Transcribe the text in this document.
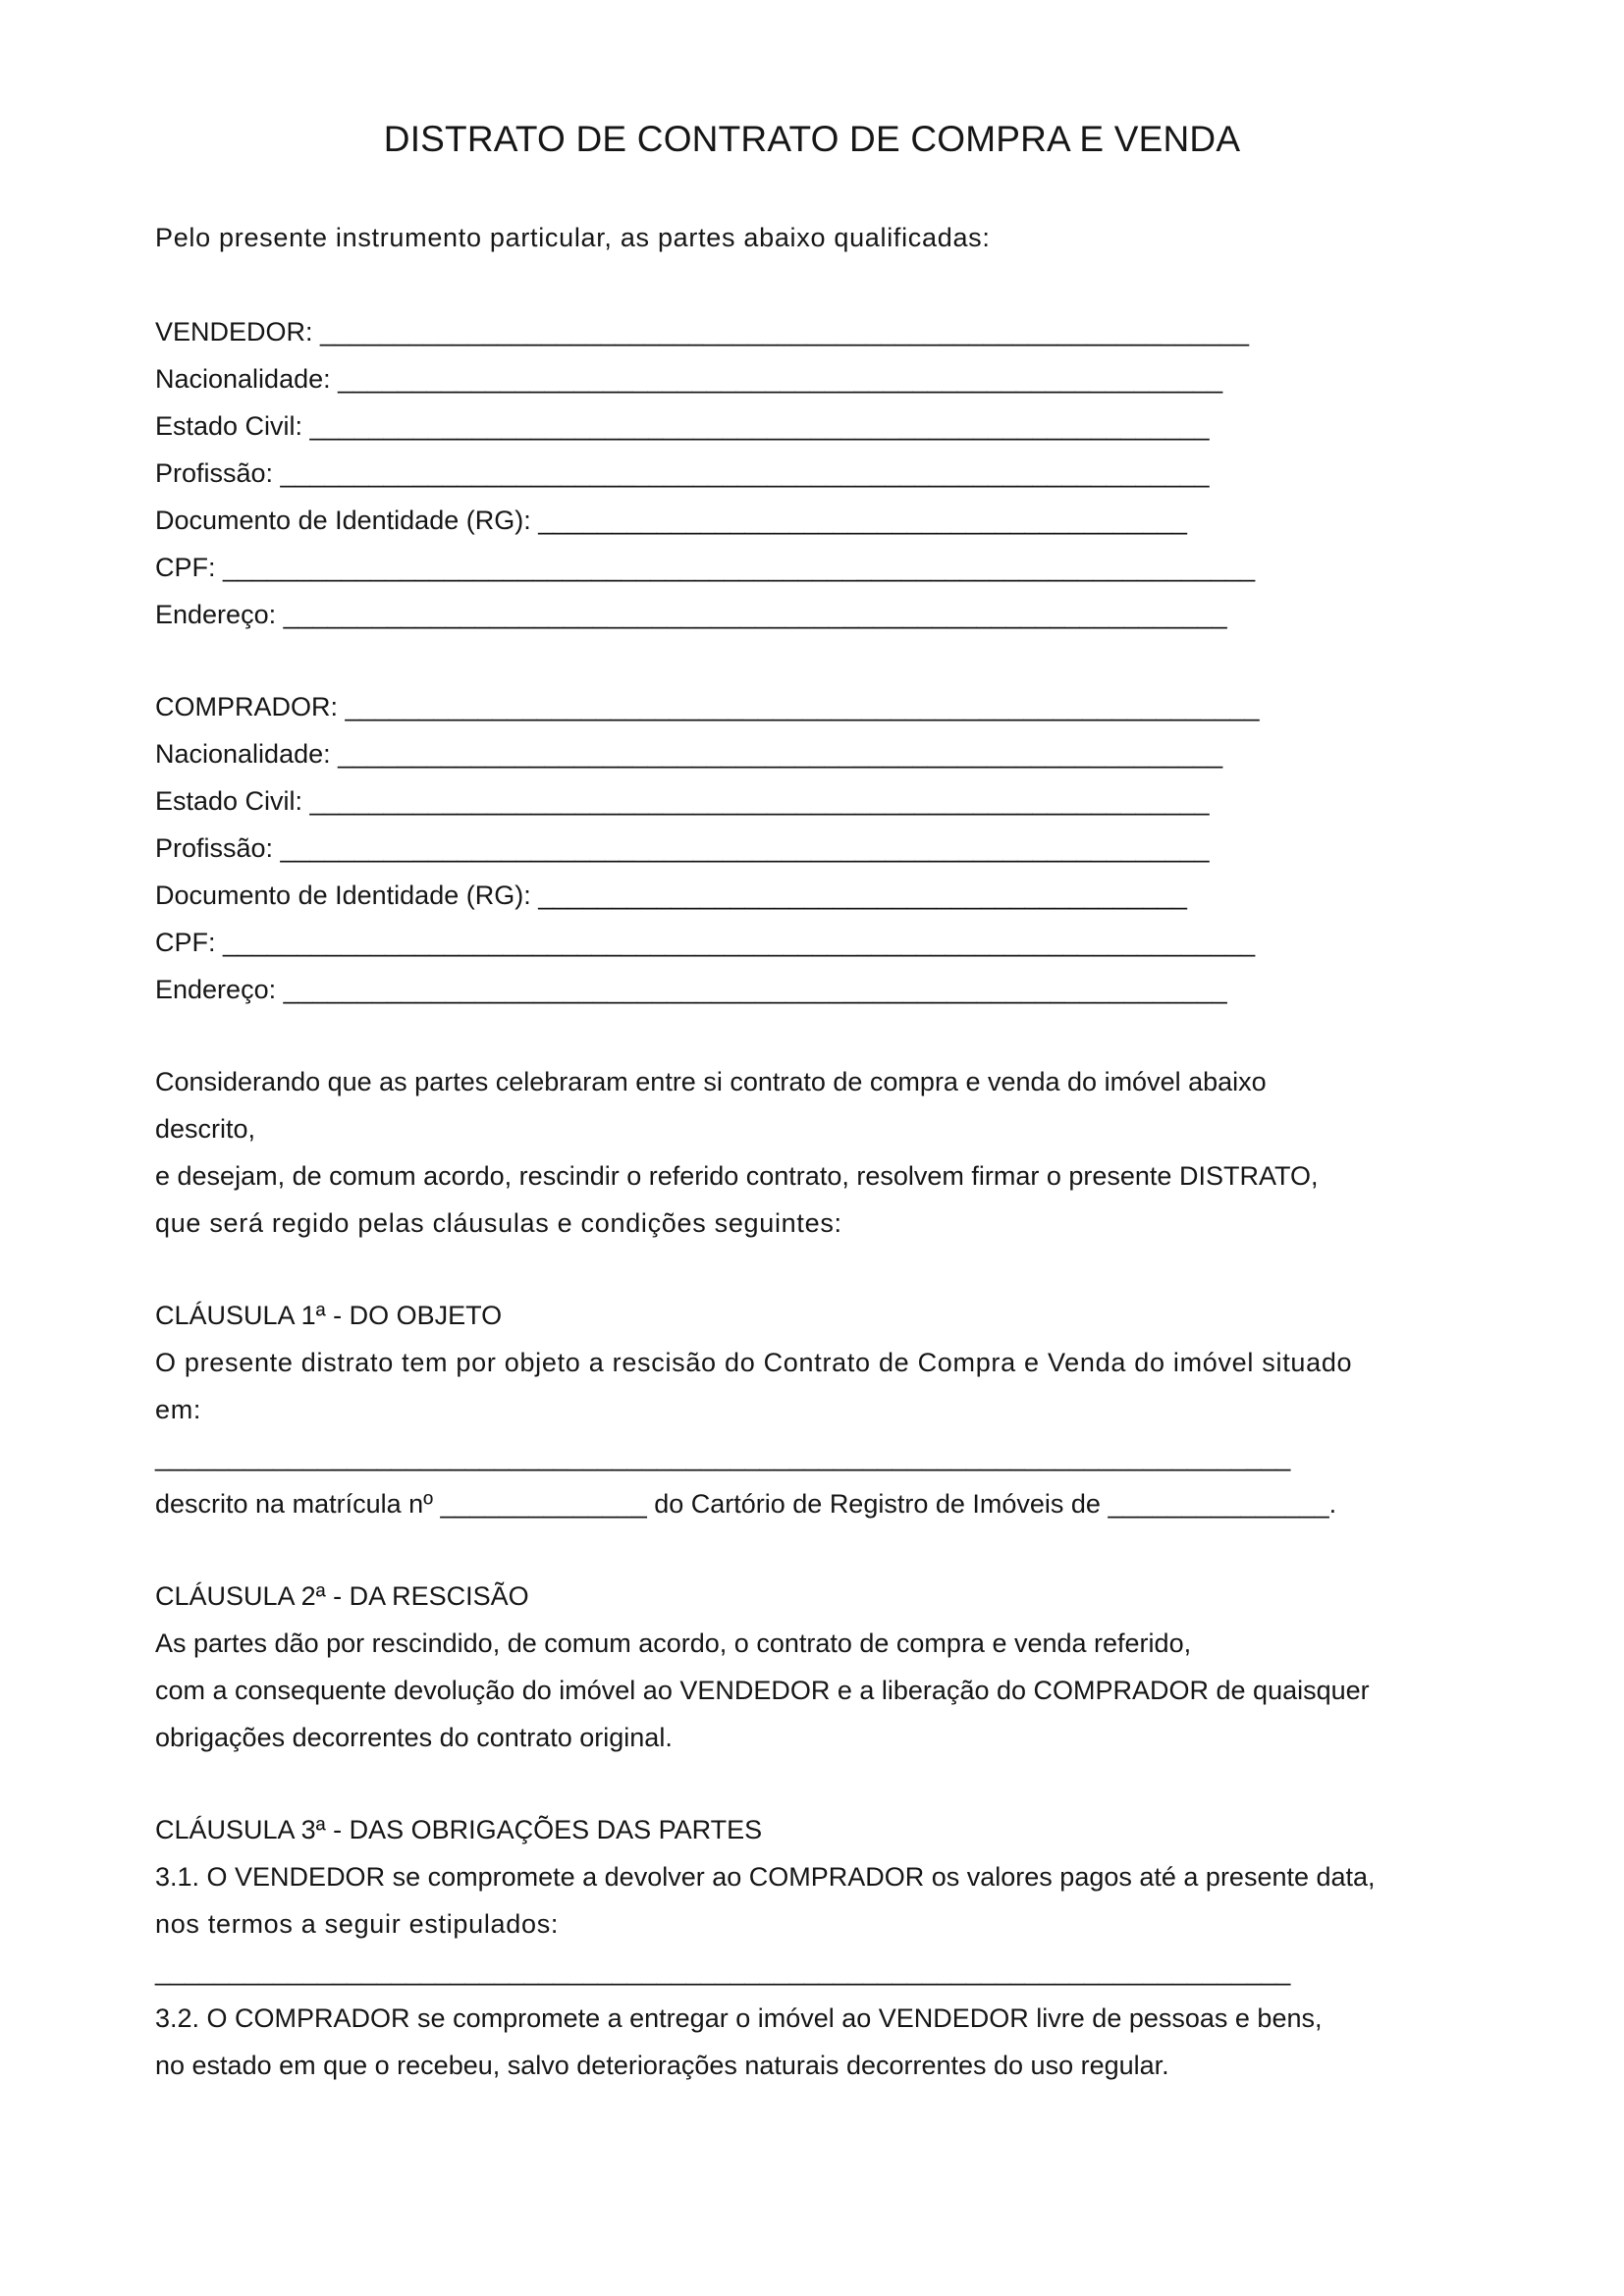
DISTRATO DE CONTRATO DE COMPRA E VENDA
Pelo presente instrumento particular, as partes abaixo qualificadas:
VENDEDOR: _______________________________________________________________
Nacionalidade: ____________________________________________________________
Estado Civil: _____________________________________________________________
Profissão: _______________________________________________________________
Documento de Identidade (RG): ____________________________________________
CPF: ______________________________________________________________________
Endereço: ________________________________________________________________
COMPRADOR: ______________________________________________________________
Nacionalidade: ____________________________________________________________
Estado Civil: _____________________________________________________________
Profissão: _______________________________________________________________
Documento de Identidade (RG): ____________________________________________
CPF: ______________________________________________________________________
Endereço: ________________________________________________________________
Considerando que as partes celebraram entre si contrato de compra e venda do imóvel abaixo
descrito,
e desejam, de comum acordo, rescindir o referido contrato, resolvem firmar o presente DISTRATO,
que será regido pelas cláusulas e condições seguintes:
CLÁUSULA 1ª - DO OBJETO
O presente distrato tem por objeto a rescisão do Contrato de Compra e Venda do imóvel situado
em:
_____________________________________________________________________________
descrito na matrícula nº ______________ do Cartório de Registro de Imóveis de _______________.
CLÁUSULA 2ª - DA RESCISÃO
As partes dão por rescindido, de comum acordo, o contrato de compra e venda referido,
com a consequente devolução do imóvel ao VENDEDOR e a liberação do COMPRADOR de quaisquer
obrigações decorrentes do contrato original.
CLÁUSULA 3ª - DAS OBRIGAÇÕES DAS PARTES
3.1. O VENDEDOR se compromete a devolver ao COMPRADOR os valores pagos até a presente data,
nos termos a seguir estipulados:
_____________________________________________________________________________
3.2. O COMPRADOR se compromete a entregar o imóvel ao VENDEDOR livre de pessoas e bens,
no estado em que o recebeu, salvo deteriorações naturais decorrentes do uso regular.
